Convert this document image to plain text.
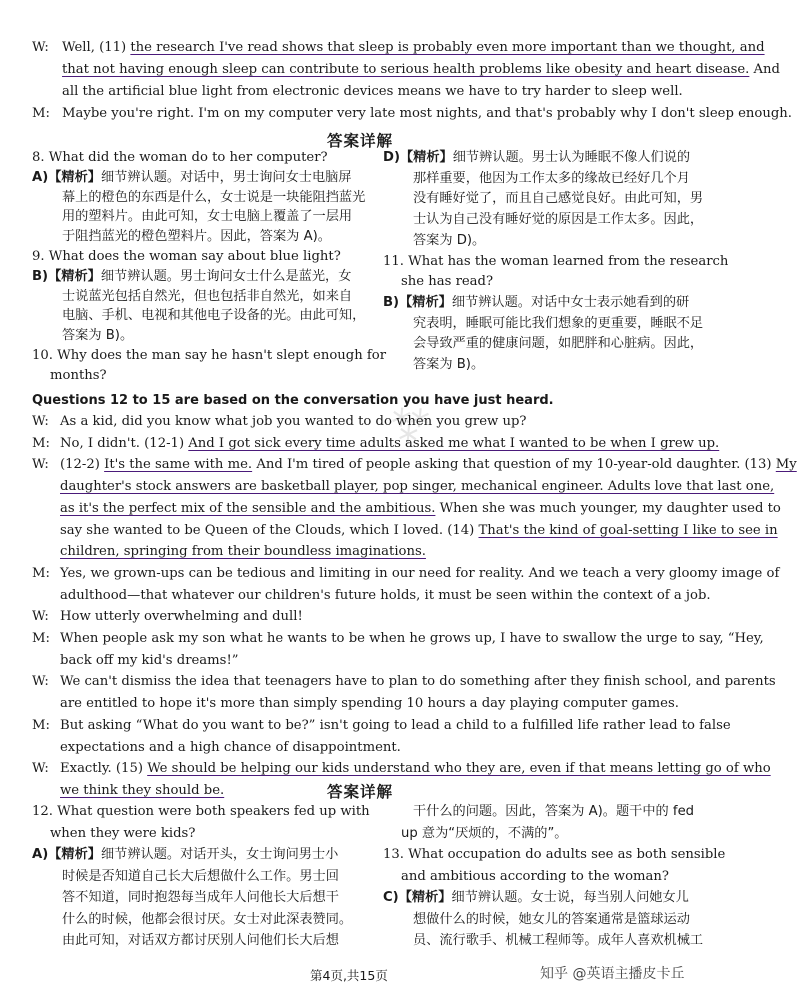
⁂
W: Well, (11) the research I've read shows that sleep is probably even more important than we thought, and
that not having enough sleep can contribute to serious health problems like obesity and heart disease. And
all the artificial blue light from electronic devices means we have to try harder to sleep well.
M: Maybe you're right. I'm on my computer very late most nights, and that's probably why I don't sleep enough.
答案详解
8. What did the woman do to her computer?
A)【精析】细节辨认题。对话中，男士询问女士电脑屏
幕上的橙色的东西是什么，女士说是一块能阻挡蓝光
用的塑料片。由此可知，女士电脑上覆盖了一层用
于阻挡蓝光的橙色塑料片。因此，答案为 A)。
9. What does the woman say about blue light?
B)【精析】细节辨认题。男士询问女士什么是蓝光，女
士说蓝光包括自然光，但也包括非自然光，如来自
电脑、手机、电视和其他电子设备的光。由此可知，
答案为 B)。
10. Why does the man say he hasn't slept enough for
months?
D)【精析】细节辨认题。男士认为睡眠不像人们说的
那样重要，他因为工作太多的缘故已经好几个月
没有睡好觉了，而且自己感觉良好。由此可知，男
士认为自己没有睡好觉的原因是工作太多。因此，
答案为 D)。
11. What has the woman learned from the research
she has read?
B)【精析】细节辨认题。对话中女士表示她看到的研
究表明，睡眠可能比我们想象的更重要，睡眠不足
会导致严重的健康问题，如肥胖和心脏病。因此，
答案为 B)。
Questions 12 to 15 are based on the conversation you have just heard.
W: As a kid, did you know what job you wanted to do when you grew up?
M: No, I didn't. (12-1) And I got sick every time adults asked me what I wanted to be when I grew up.
W: (12-2) It's the same with me. And I'm tired of people asking that question of my 10-year-old daughter. (13) My
daughter's stock answers are basketball player, pop singer, mechanical engineer. Adults love that last one,
as it's the perfect mix of the sensible and the ambitious. When she was much younger, my daughter used to
say she wanted to be Queen of the Clouds, which I loved. (14) That's the kind of goal-setting I like to see in
children, springing from their boundless imaginations.
M: Yes, we grown-ups can be tedious and limiting in our need for reality. And we teach a very gloomy image of
adulthood—that whatever our children's future holds, it must be seen within the context of a job.
W: How utterly overwhelming and dull!
M: When people ask my son what he wants to be when he grows up, I have to swallow the urge to say, “Hey,
back off my kid's dreams!”
W: We can't dismiss the idea that teenagers have to plan to do something after they finish school, and parents
are entitled to hope it's more than simply spending 10 hours a day playing computer games.
M: But asking “What do you want to be?” isn't going to lead a child to a fulfilled life rather lead to false
expectations and a high chance of disappointment.
W: Exactly. (15) We should be helping our kids understand who they are, even if that means letting go of who
we think they should be.	答案详解
12. What question were both speakers fed up with
when they were kids?
A)【精析】细节辨认题。对话开头，女士询问男士小
时候是否知道自己长大后想做什么工作。男士回
答不知道，同时抱怨每当成年人问他长大后想干
什么的时候，他都会很讨厌。女士对此深表赞同。
由此可知，对话双方都讨厌别人问他们长大后想
干什么的问题。因此，答案为 A)。题干中的 fed
up 意为“厌烦的，不满的”。
13. What occupation do adults see as both sensible
and ambitious according to the woman?
C)【精析】细节辨认题。女士说，每当别人问她女儿
想做什么的时候，她女儿的答案通常是篮球运动
员、流行歌手、机械工程师等。成年人喜欢机械工
第4页,共15页	知乎 @英语主播皮卡丘
